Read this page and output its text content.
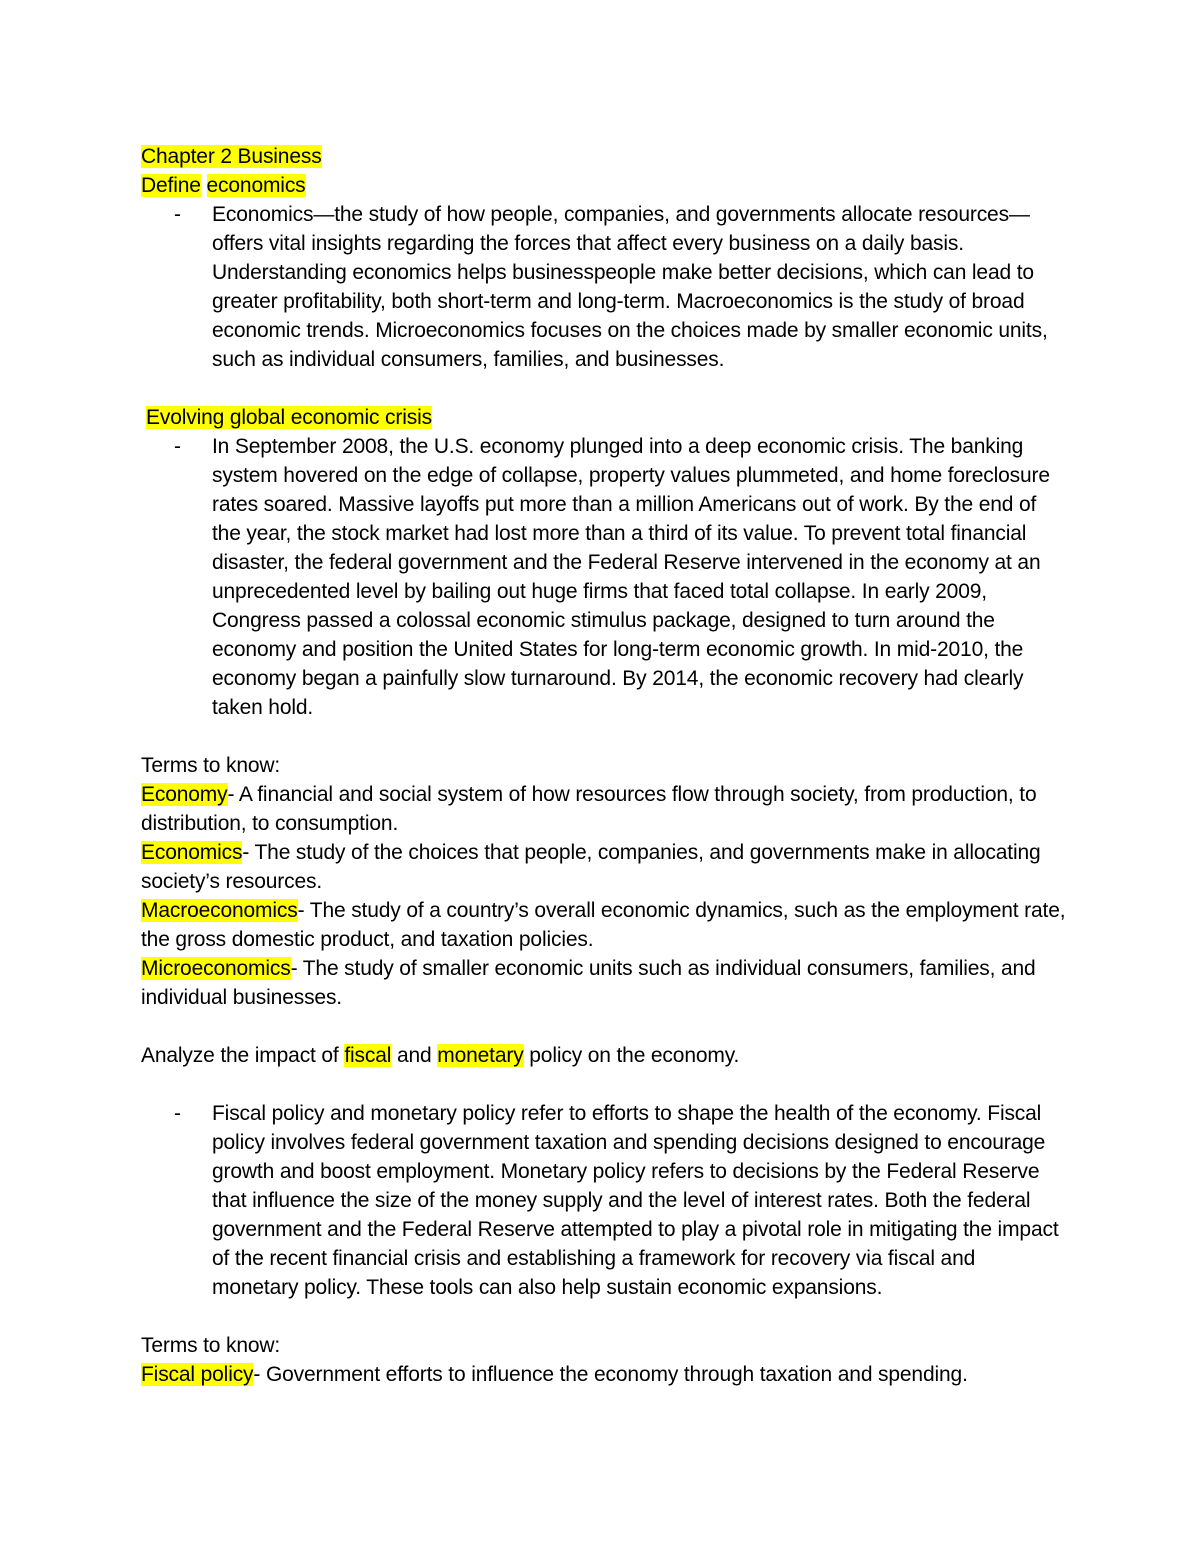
Chapter 2 Business
Define economics
- Economics—the study of how people, companies, and governments allocate resources—offers vital insights regarding the forces that affect every business on a daily basis. Understanding economics helps businesspeople make better decisions, which can lead to greater profitability, both short-term and long-term. Macroeconomics is the study of broad economic trends. Microeconomics focuses on the choices made by smaller economic units, such as individual consumers, families, and businesses.
Evolving global economic crisis
- In September 2008, the U.S. economy plunged into a deep economic crisis. The banking system hovered on the edge of collapse, property values plummeted, and home foreclosure rates soared. Massive layoffs put more than a million Americans out of work. By the end of the year, the stock market had lost more than a third of its value. To prevent total financial disaster, the federal government and the Federal Reserve intervened in the economy at an unprecedented level by bailing out huge firms that faced total collapse. In early 2009, Congress passed a colossal economic stimulus package, designed to turn around the economy and position the United States for long-term economic growth. In mid-2010, the economy began a painfully slow turnaround. By 2014, the economic recovery had clearly taken hold.
Terms to know:
Economy- A financial and social system of how resources flow through society, from production, to distribution, to consumption.
Economics- The study of the choices that people, companies, and governments make in allocating society’s resources.
Macroeconomics- The study of a country’s overall economic dynamics, such as the employment rate, the gross domestic product, and taxation policies.
Microeconomics- The study of smaller economic units such as individual consumers, families, and individual businesses.
Analyze the impact of fiscal and monetary policy on the economy.
- Fiscal policy and monetary policy refer to efforts to shape the health of the economy. Fiscal policy involves federal government taxation and spending decisions designed to encourage growth and boost employment. Monetary policy refers to decisions by the Federal Reserve that influence the size of the money supply and the level of interest rates. Both the federal government and the Federal Reserve attempted to play a pivotal role in mitigating the impact of the recent financial crisis and establishing a framework for recovery via fiscal and monetary policy. These tools can also help sustain economic expansions.
Terms to know:
Fiscal policy- Government efforts to influence the economy through taxation and spending.
